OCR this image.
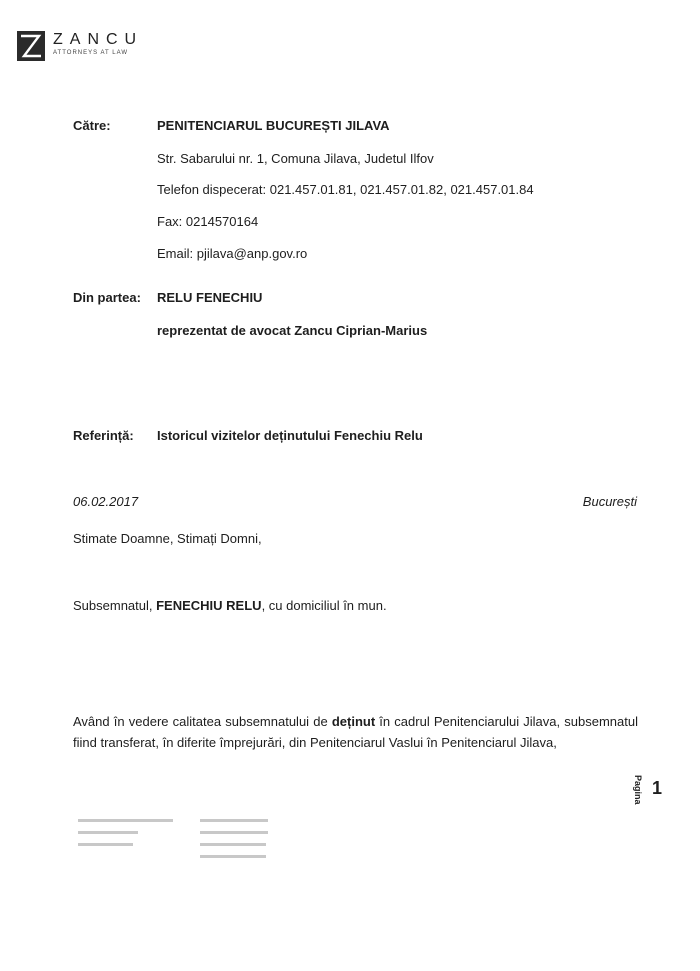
ZANCU
ATTORNEYS AT LAW
Către:	PENITENCIARUL BUCUREȘTI JILAVA
Str. Sabarului nr. 1, Comuna Jilava, Judetul Ilfov
Telefon dispecerat: 021.457.01.81, 021.457.01.82, 021.457.01.84
Fax: 0214570164
Email: pjilava@anp.gov.ro
Din partea: RELU FENECHIU
reprezentat de avocat Zancu Ciprian-Marius
Referință: Istoricul vizitelor deținutului Fenechiu Relu
06.02.2017	București
Stimate Doamne, Stimați Domni,
Subsemnatul, FENECHIU RELU, cu domiciliul în mun.
Având în vedere calitatea subsemnatului de deținut în cadrul Penitenciarului Jilava, subsemnatul fiind transferat, în diferite împrejurări, din Penitenciarul Vaslui în Penitenciarul Jilava,
Pagina 1
